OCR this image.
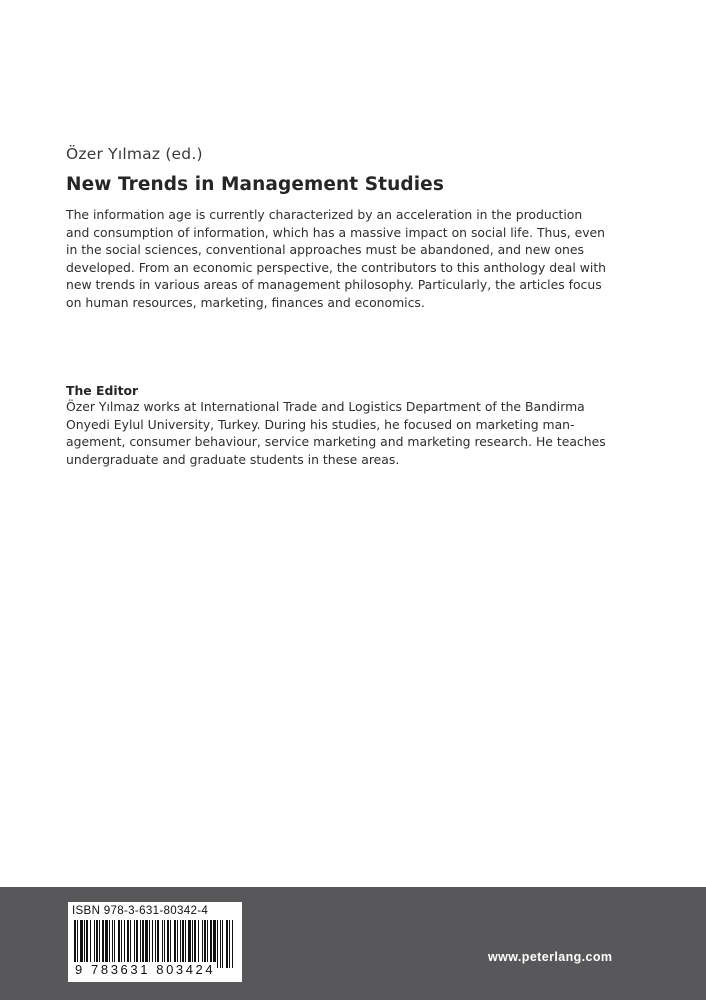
Özer Yılmaz (ed.)

New Trends in Management Studies
The information age is currently characterized by an acceleration in the production
and consumption of information, which has a massive impact on social life. Thus, even
in the social sciences, conventional approaches must be abandoned, and new ones
developed. From an economic perspective, the contributors to this anthology deal with
new trends in various areas of management philosophy. Particularly, the articles focus
on human resources, marketing, finances and economics.

The Editor

Özer Yılmaz works at International Trade and Logistics Department of the Bandirma
Onyedi Eylul University, Turkey. During his studies, he focused on marketing man-
agement, consumer behaviour, service marketing and marketing research. He teaches
undergraduate and graduate students in these areas.
ISBN 978-3-631-80342-4
9 783631 803424
www.peterlang.com
